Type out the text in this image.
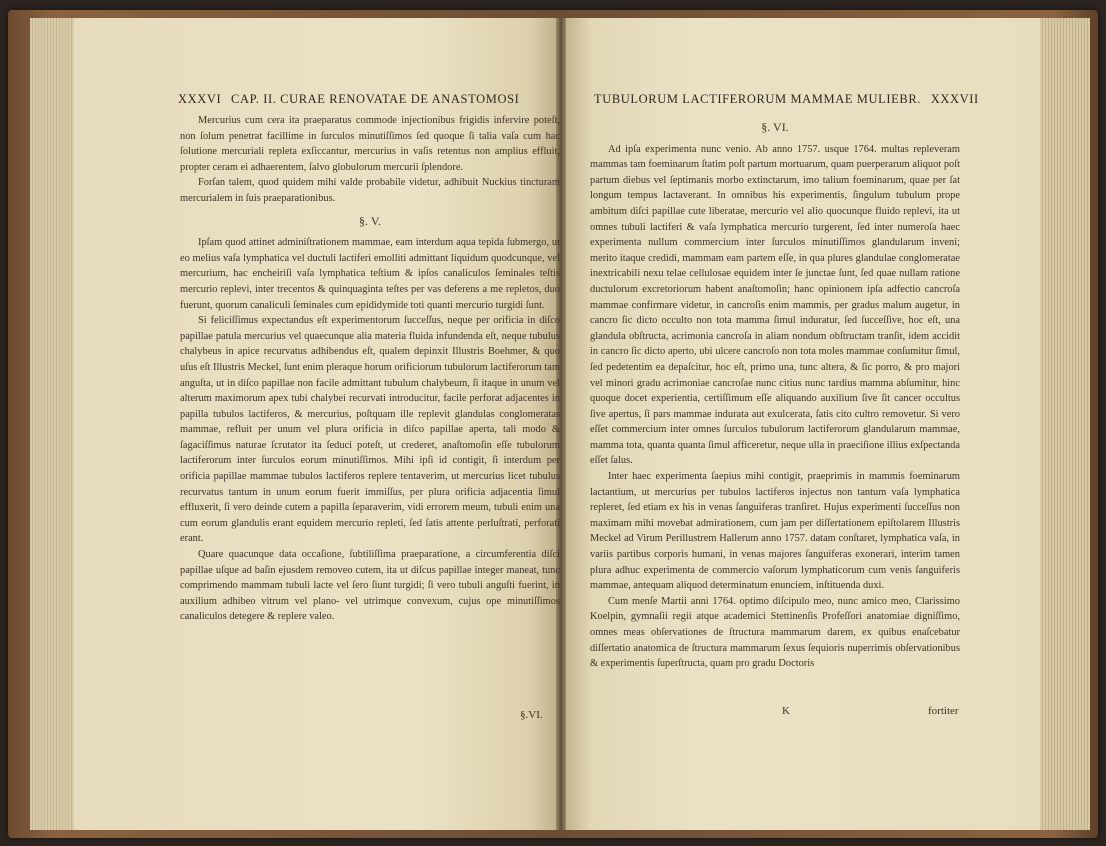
XXXVI CAP. II. CURAE RENOVATAE DE ANASTOMOSI

Mercurius cum cera ita praeparatus commode injectionibus frigidis infervire poteſt, non ſolum penetrat facillime in ſurculos minutiſſimos ſed quoque ſi talia vaſa cum hac ſolutione mercuriali repleta exſiccantur, mercurius in vaſis retentus non amplius effluit, propter ceram ei adhaerentem, ſalvo globulorum mercurii ſplendore.

Forſan talem, quod quidem mihi valde probabile videtur, adhibuit Nuckius tincturam mercurialem in ſuis praeparationibus.

§. V.

Ipſam quod attinet adminiſtrationem mammae, eam interdum aqua tepida ſubmergo, ut eo melius vaſa lymphatica vel ductuli lactiferi emolliti admittant liquidum quodcunque, vel mercurium, hac encheiriſi vaſa lymphatica teſtium & ipſos canaliculos ſeminales teſtis mercurio replevi, inter trecentos & quinquaginta teſtes per vas deferens a me repletos, duo fuerunt, quorum canaliculi ſeminales cum epididymide toti quanti mercurio turgidi ſunt.

Si feliciſſimus expectandus eſt experimentorum ſucceſſus, neque per orificia in diſco papillae patula mercurius vel quaecunque alia materia fluida infundenda eſt, neque tubulus chalybeus in apice recurvatus adhibendus eſt, qualem depinxit Illustris Boehmer, & quo uſus eſt Illustris Meckel, ſunt enim pleraque horum orificiorum tubulorum lactiferorum tam anguſta, ut in diſco papillae non facile admittant tubulum chalybeum, ſi itaque in unum vel alterum maximorum apex tubi chalybei recurvati introducitur, facile perforat adjacentes in papilla tubulos lactiferos, & mercurius, poſtquam ille replevit glandulas conglomeratas mammae, refluit per unum vel plura orificia in diſco papillae aperta, tali modo & ſagaciſſimus naturae ſcrutator ita ſeduci poteſt, ut crederet, anaſtomoſin eſſe tubulorum lactiferorum inter ſurculos eorum minutiſſimos. Mihi ipſi id contigit, ſi interdum per orificia papillae mammae tubulos lactiferos replere tentaverim, ut mercurius licet tubulus recurvatus tantum in unum eorum fuerit immiſſus, per plura orificia adjacentia ſimul effluxerit, ſi vero deinde cutem a papilla ſeparaverim, vidi errorem meum, tubuli enim una cum eorum glandulis erant equidem mercurio repleti, ſed ſatis attente perluſtrati, perforati erant.

Quare quacunque data occaſione, ſubtiliſſima praeparatione, a circumferentia diſci papillae uſque ad baſin ejusdem removeo cutem, ita ut diſcus papillae integer maneat, tunc comprimendo mammam tubuli lacte vel ſero ſiunt turgidi; ſi vero tubuli anguſti fuerint, in auxilium adhibeo vitrum vel plano- vel utrimque convexum, cujus ope minutiſſimos canaliculos detegere & replere valeo.

§.VI.
TUBULORUM LACTIFERORUM MAMMAE MULIEBR. XXXVII

§. VI.

Ad ipſa experimenta nunc venio. Ab anno 1757. usque 1764. multas repleveram mammas tam foeminarum ſtatim poſt partum mortuarum, quam puerperarum aliquot poſt partum diebus vel ſeptimanis morbo extinctarum, imo talium foeminarum, quae per ſat longum tempus lactaverant. In omnibus his experimentis, ſingulum tubulum prope ambitum diſci papillae cute liberatae, mercurio vel alio quocunque fluido replevi, ita ut omnes tubuli lactiferi & vaſa lymphatica mercurio turgerent, ſed inter numeroſa haec experimenta nullum commercium inter ſurculos minutiſſimos glandularum inveni; merito itaque credidi, mammam eam partem eſſe, in qua plures glandulae conglomeratae inextricabili nexu telae cellulosae equidem inter ſe junctae ſunt, ſed quae nullam ratione ductulorum excretoriorum habent anaſtomoſin; hanc opinionem ipſa adfectio cancroſa mammae confirmare videtur, in cancroſis enim mammis, per gradus malum augetur, in cancro ſic dicto occulto non tota mamma ſimul induratur, ſed ſucceſſive, hoc eſt, una glandula obſtructa, acrimonia cancroſa in aliam nondum obſtructam tranſit, idem accidit in cancro ſic dicto aperto, ubi ulcere cancroſo non tota moles mammae conſumitur ſimul, ſed pedetentim ea depaſcitur, hoc eſt, primo una, tunc altera, & ſic porro, & pro majori vel minori gradu acrimoniae cancroſae nunc citius nunc tardius mamma abſumitur, hinc quoque docet experientia, certiſſimum eſſe aliquando auxilium ſive ſit cancer occultus ſive apertus, ſi pars mammae indurata aut exulcerata, ſatis cito cultro removetur. Si vero eſſet commercium inter omnes ſurculos tubulorum lactiferorum glandularum mammae, mamma tota, quanta quanta ſimul afficeretur, neque ulla in praeciſione illius exſpectanda eſſet ſalus.

Inter haec experimenta ſaepius mihi contigit, praeprimis in mammis foeminarum lactantium, ut mercurius per tubulos lactiferos injectus non tantum vaſa lymphatica repleret, ſed etiam ex his in venas ſanguiferas tranſiret. Hujus experimenti ſucceſſus non maximam mihi movebat admirationem, cum jam per diſſertationem epiſtolarem Illustris Meckel ad Virum Perillustrem Hallerum anno 1757. datam conſtaret, lymphatica vaſa, in variis partibus corporis humani, in venas majores ſanguiferas exonerari, interim tamen plura adhuc experimenta de commercio vaſorum lymphaticorum cum venis ſanguiferis mammae, antequam aliquod determinatum enunciem, inſtituenda duxi.

Cum menſe Martii anni 1764. optimo diſcipulo meo, nunc amico meo, Clarissimo Koelpin, gymnaſii regii atque academici Stettinenſis Profeſſori anatomiae digniſſimo, omnes meas obſervationes de ſtructura mammarum darem, ex quibus enaſcebatur diſſertatio anatomica de ſtructura mammarum ſexus ſequioris nuperrimis obſervationibus & experimentis ſuperſtructa, quam pro gradu Doctoris

K	fortiter
